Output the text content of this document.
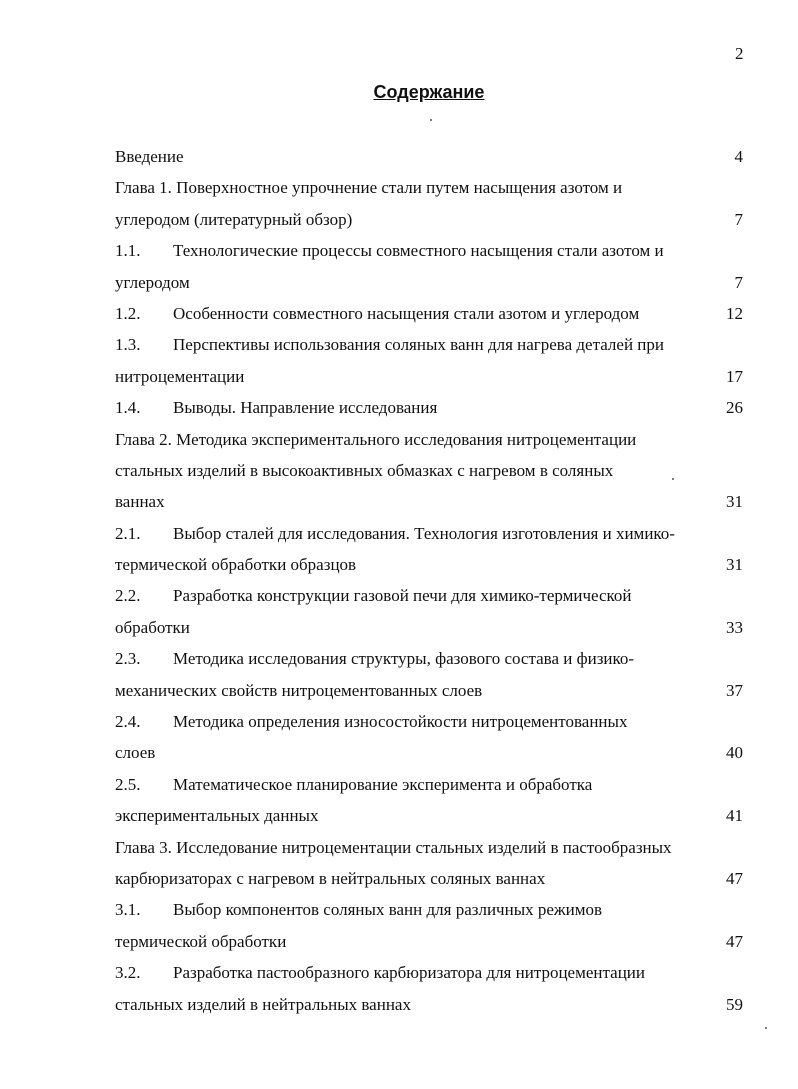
2
Содержание
Введение	4
Глава 1. Поверхностное упрочнение стали путем насыщения азотом и
углеродом (литературный обзор)	7
1.1. Технологические процессы совместного насыщения стали азотом и
углеродом	7
1.2. Особенности совместного насыщения стали азотом и углеродом	12
1.3. Перспективы использования соляных ванн для нагрева деталей при
нитроцементации	17
1.4. Выводы. Направление исследования	26
Глава 2. Методика экспериментального исследования нитроцементации
стальных изделий в высокоактивных обмазках с нагревом в соляных
ваннах	31
2.1. Выбор сталей для исследования. Технология изготовления и химико-
термической обработки образцов	31
2.2. Разработка конструкции газовой печи для химико-термической
обработки	33
2.3. Методика исследования структуры, фазового состава и физико-
механических свойств нитроцементованных слоев	37
2.4. Методика определения износостойкости нитроцементованных
слоев	40
2.5. Математическое планирование эксперимента и обработка
экспериментальных данных	41
Глава 3. Исследование нитроцементации стальных изделий в пастообразных
карбюризаторах с нагревом в нейтральных соляных ваннах	47
3.1. Выбор компонентов соляных ванн для различных режимов
термической обработки	47
3.2. Разработка пастообразного карбюризатора для нитроцементации
стальных изделий в нейтральных ваннах	59
